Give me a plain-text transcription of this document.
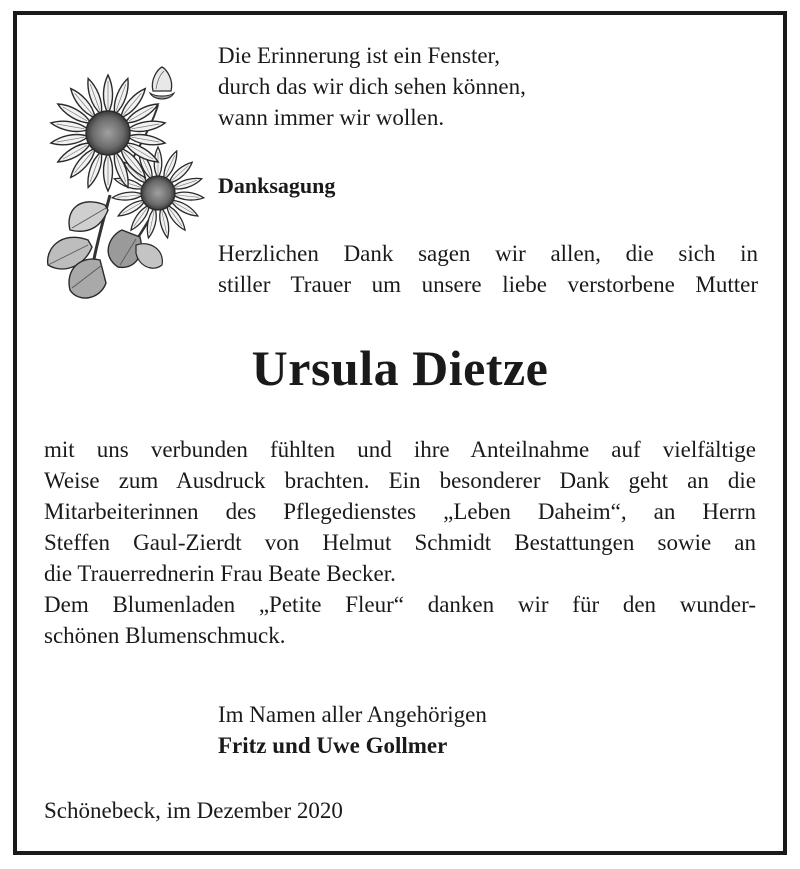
Die Erinnerung ist ein Fenster,
durch das wir dich sehen können,
wann immer wir wollen.
Danksagung
Herzlichen Dank sagen wir allen, die sich in
stiller Trauer um unsere liebe verstorbene Mutter
Ursula Dietze
mit uns verbunden fühlten und ihre Anteilnahme auf vielfältige
Weise zum Ausdruck brachten. Ein besonderer Dank geht an die
Mitarbeiterinnen des Pflegedienstes „Leben Daheim“, an Herrn
Steffen Gaul-Zierdt von Helmut Schmidt Bestattungen sowie an
die Trauerrednerin Frau Beate Becker.
Dem Blumenladen „Petite Fleur“ danken wir für den wunder-
schönen Blumenschmuck.
Im Namen aller Angehörigen
Fritz und Uwe Gollmer
Schönebeck, im Dezember 2020
